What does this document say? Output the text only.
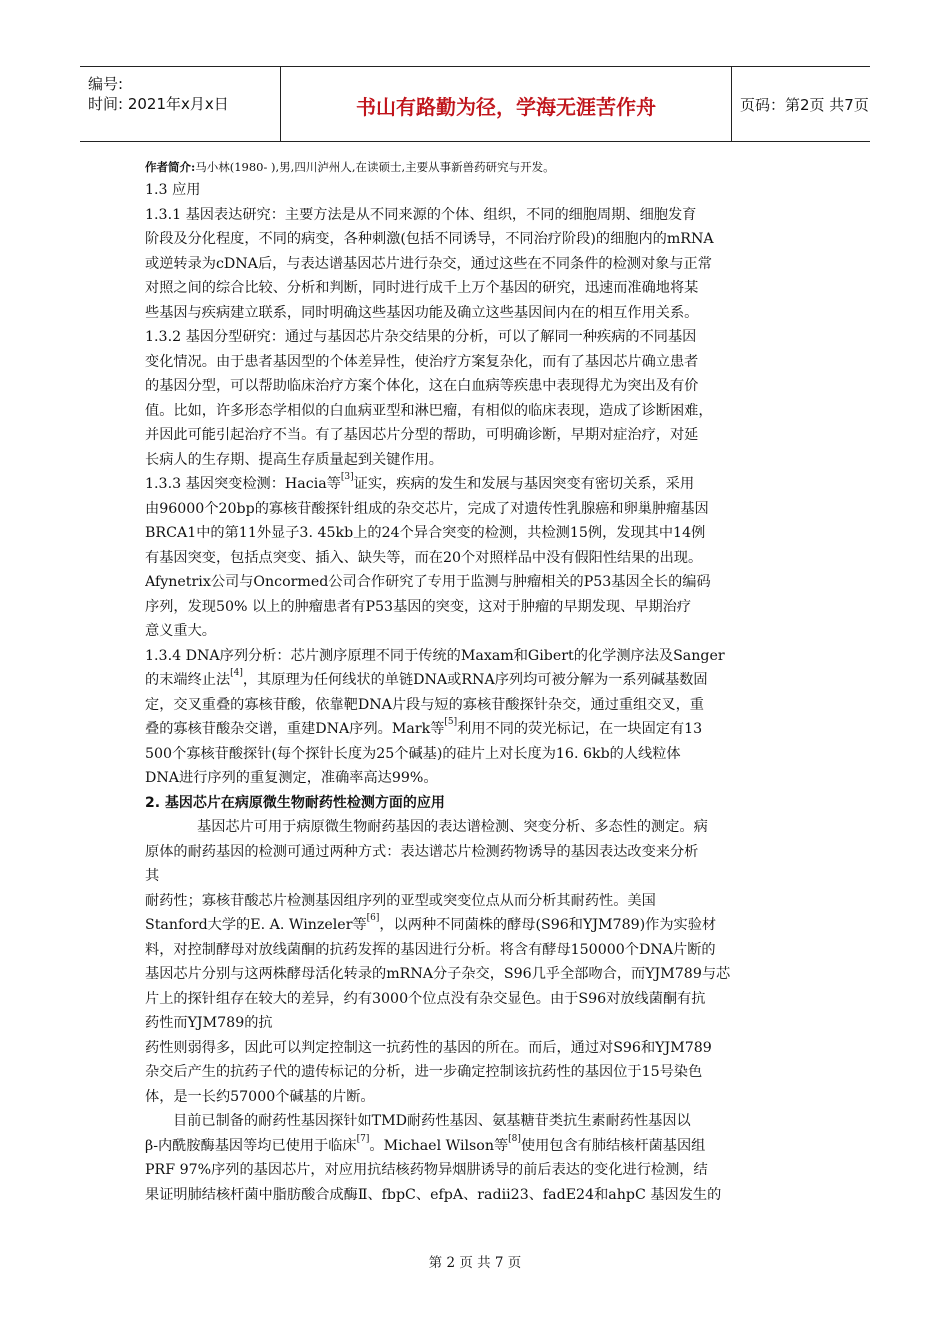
编号:
时间: 2021年x月x日	书山有路勤为径，学海无涯苦作舟	页码：第2页 共7页
作者简介:马小林(1980- ),男,四川泸州人,在读硕士,主要从事新兽药研究与开发。
1.3 应用
1.3.1 基因表达研究：主要方法是从不同来源的个体、组织，不同的细胞周期、细胞发育
阶段及分化程度，不同的病变，各种刺激(包括不同诱导，不同治疗阶段)的细胞内的mRNA
或逆转录为cDNA后，与表达谱基因芯片进行杂交，通过这些在不同条件的检测对象与正常
对照之间的综合比较、分析和判断，同时进行成千上万个基因的研究，迅速而准确地将某
些基因与疾病建立联系，同时明确这些基因功能及确立这些基因间内在的相互作用关系。
1.3.2 基因分型研究：通过与基因芯片杂交结果的分析，可以了解同一种疾病的不同基因
变化情况。由于患者基因型的个体差异性，使治疗方案复杂化，而有了基因芯片确立患者
的基因分型，可以帮助临床治疗方案个体化，这在白血病等疾患中表现得尤为突出及有价
值。比如，许多形态学相似的白血病亚型和淋巴瘤，有相似的临床表现，造成了诊断困难，
并因此可能引起治疗不当。有了基因芯片分型的帮助，可明确诊断，早期对症治疗，对延
长病人的生存期、提高生存质量起到关键作用。
1.3.3 基因突变检测：Hacia等[3]证实，疾病的发生和发展与基因突变有密切关系，采用
由96000个20bp的寡核苷酸探针组成的杂交芯片，完成了对遗传性乳腺癌和卵巢肿瘤基因
BRCA1中的第11外显子3. 45kb上的24个异合突变的检测，共检测15例，发现其中14例
有基因突变，包括点突变、插入、缺失等，而在20个对照样品中没有假阳性结果的出现。
Afynetrix公司与Oncormed公司合作研究了专用于监测与肿瘤相关的P53基因全长的编码
序列，发现50% 以上的肿瘤患者有P53基因的突变，这对于肿瘤的早期发现、早期治疗
意义重大。
1.3.4 DNA序列分析：芯片测序原理不同于传统的Maxam和Gibert的化学测序法及Sanger
的末端终止法[4]，其原理为任何线状的单链DNA或RNA序列均可被分解为一系列碱基数固
定，交叉重叠的寡核苷酸，依靠靶DNA片段与短的寡核苷酸探针杂交，通过重组交叉，重
叠的寡核苷酸杂交谱，重建DNA序列。Mark等[5]利用不同的荧光标记，在一块固定有13
500个寡核苷酸探针(每个探针长度为25个碱基)的硅片上对长度为16. 6kb的人线粒体
DNA进行序列的重复测定，准确率高达99%。
2. 基因芯片在病原微生物耐药性检测方面的应用
基因芯片可用于病原微生物耐药基因的表达谱检测、突变分析、多态性的测定。病
原体的耐药基因的检测可通过两种方式：表达谱芯片检测药物诱导的基因表达改变来分析
其
耐药性；寡核苷酸芯片检测基因组序列的亚型或突变位点从而分析其耐药性。美国
Stanford大学的E. A. Winzeler等[6]，以两种不同菌株的酵母(S96和YJM789)作为实验材
料，对控制酵母对放线菌酮的抗药发挥的基因进行分析。将含有酵母150000个DNA片断的
基因芯片分别与这两株酵母活化转录的mRNA分子杂交，S96几乎全部吻合，而YJM789与芯
片上的探针组存在较大的差异，约有3000个位点没有杂交显色。由于S96对放线菌酮有抗
药性而YJM789的抗
药性则弱得多，因此可以判定控制这一抗药性的基因的所在。而后，通过对S96和YJM789
杂交后产生的抗药子代的遗传标记的分析，进一步确定控制该抗药性的基因位于15号染色
体，是一长约57000个碱基的片断。
目前已制备的耐药性基因探针如TMD耐药性基因、氨基糖苷类抗生素耐药性基因以
β-内酰胺酶基因等均已使用于临床[7]。Michael Wilson等[8]使用包含有肺结核杆菌基因组
PRF 97%序列的基因芯片，对应用抗结核药物异烟肼诱导的前后表达的变化进行检测，结
果证明肺结核杆菌中脂肪酸合成酶Ⅱ、fbpC、efpA、radii23、fadE24和ahpC 基因发生的
第 2 页 共 7 页
